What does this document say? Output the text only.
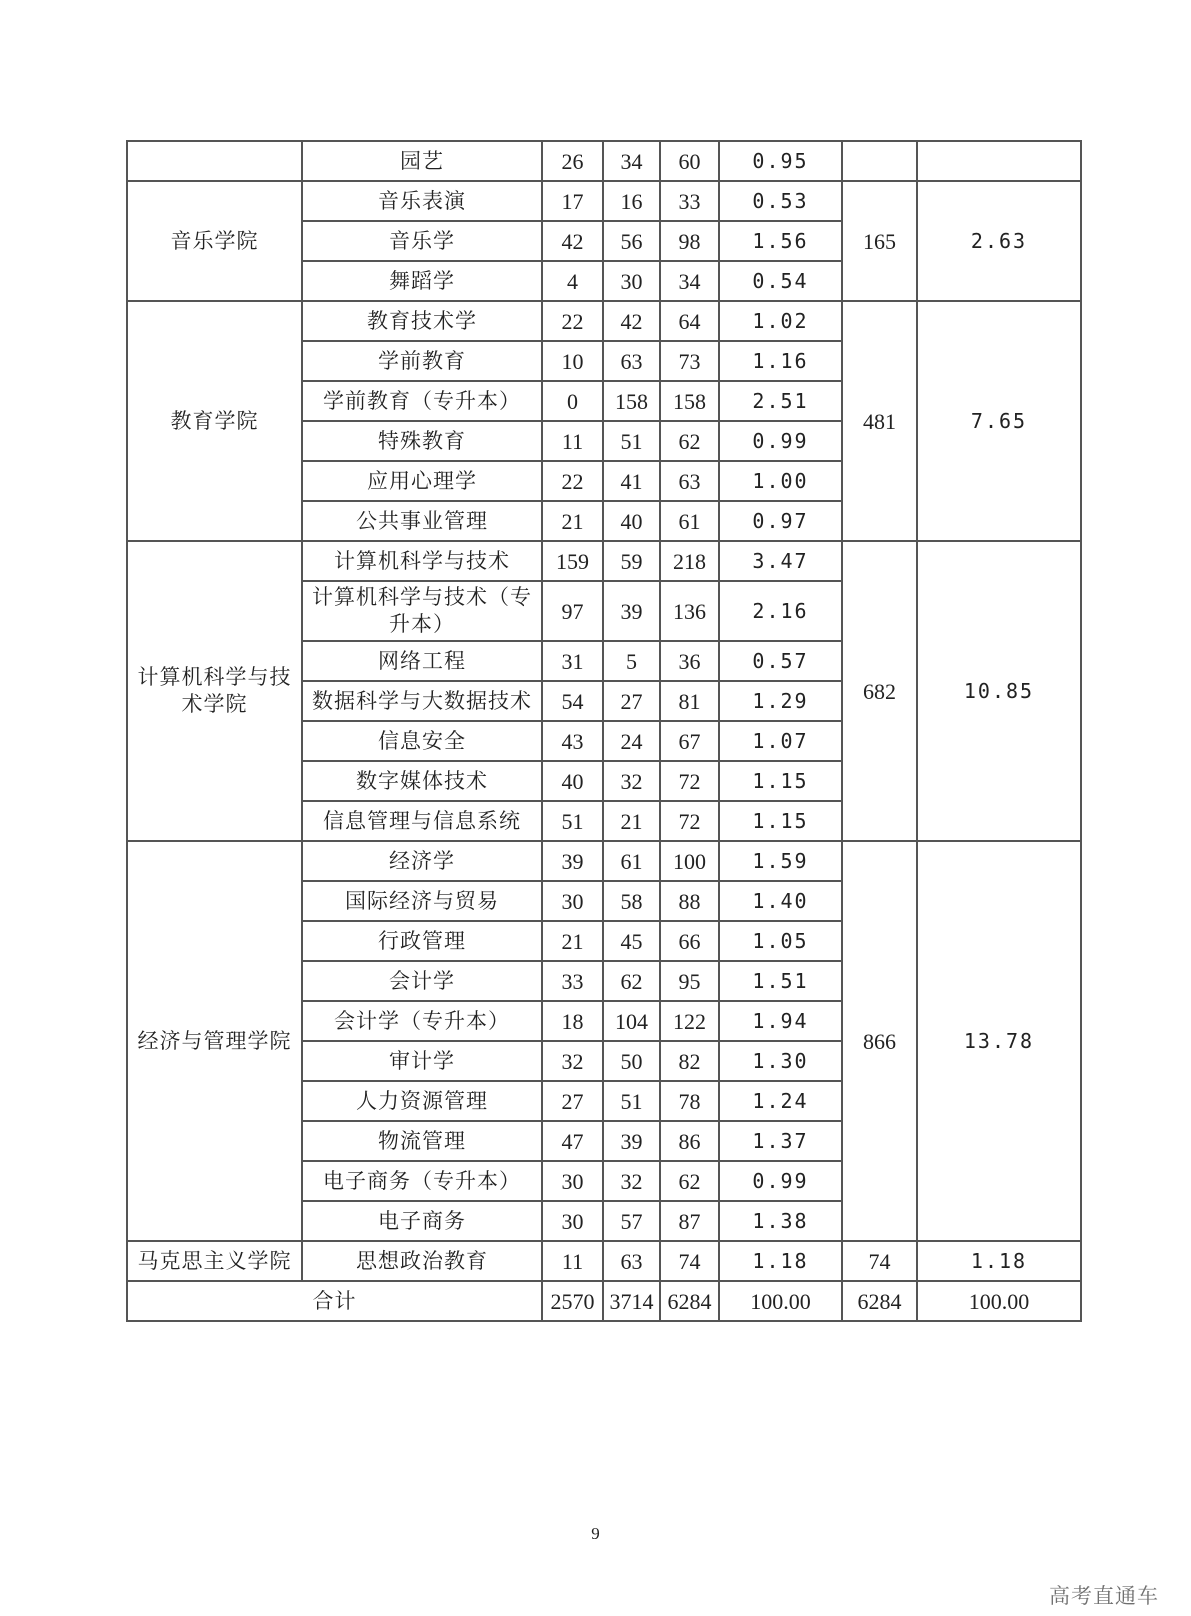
	园艺	26	34	60	0.95		
音乐学院	音乐表演	17	16	33	0.53	165	2.63
	音乐学	42	56	98	1.56		
	舞蹈学	4	30	34	0.54		
教育学院	教育技术学	22	42	64	1.02	481	7.65
	学前教育	10	63	73	1.16		
	学前教育（专升本）	0	158	158	2.51		
	特殊教育	11	51	62	0.99		
	应用心理学	22	41	63	1.00		
	公共事业管理	21	40	61	0.97		
计算机科学与技术学院	计算机科学与技术	159	59	218	3.47	682	10.85
	计算机科学与技术（专升本）	97	39	136	2.16		
	网络工程	31	5	36	0.57		
	数据科学与大数据技术	54	27	81	1.29		
	信息安全	43	24	67	1.07		
	数字媒体技术	40	32	72	1.15		
	信息管理与信息系统	51	21	72	1.15		
经济与管理学院	经济学	39	61	100	1.59	866	13.78
	国际经济与贸易	30	58	88	1.40		
	行政管理	21	45	66	1.05		
	会计学	33	62	95	1.51		
	会计学（专升本）	18	104	122	1.94		
	审计学	32	50	82	1.30		
	人力资源管理	27	51	78	1.24		
	物流管理	47	39	86	1.37		
	电子商务（专升本）	30	32	62	0.99		
	电子商务	30	57	87	1.38		
马克思主义学院	思想政治教育	11	63	74	1.18	74	1.18
合计		2570	3714	6284	100.00	6284	100.00
9
高考直通车
